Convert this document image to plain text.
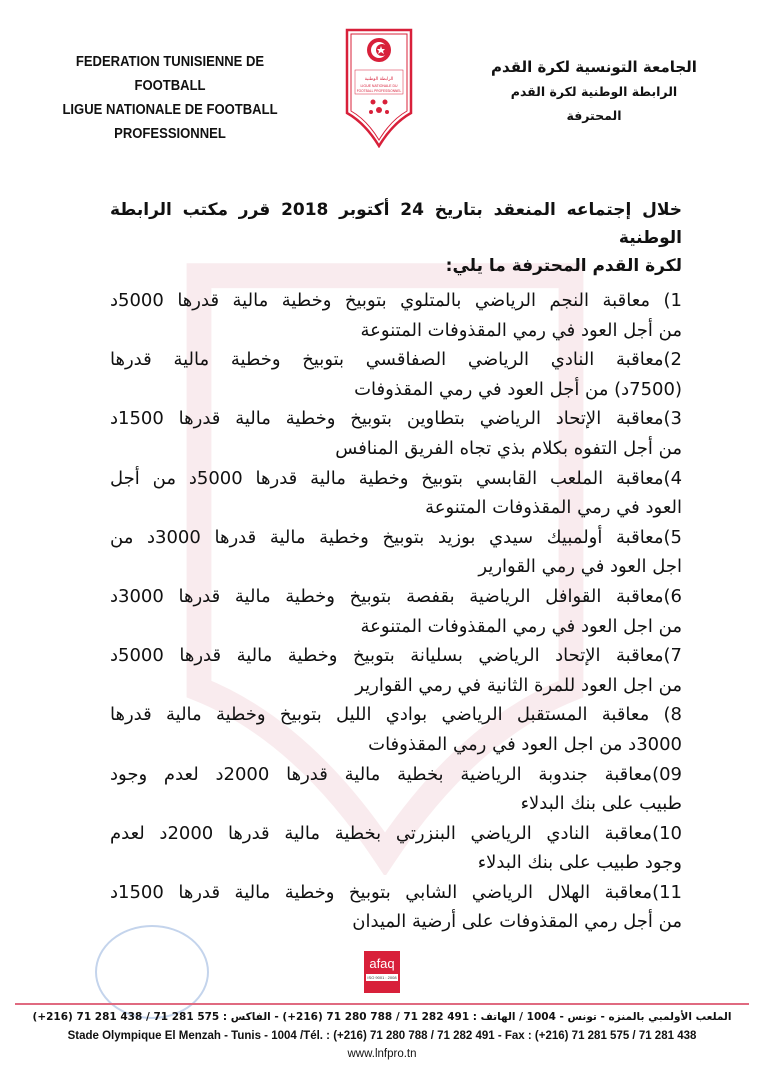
FEDERATION TUNISIENNE DE FOOTBALL
LIGUE NATIONALE DE FOOTBALL
PROFESSIONNEL
الرابطة الوطنية
LIGUE NATIONALE DU
FOOTBALL PROFESSIONNEL
الجامعة التونسية لكرة القدم
الرابطة الوطنية لكرة القدم
المحترفة
خلال إجتماعه المنعقد بتاريخ 24 أكتوبر 2018 قرر مكتب الرابطة الوطنية
لكرة القدم المحترفة ما يلي:
1) معاقبة النجم الرياضي بالمتلوي بتوبيخ وخطية مالية قدرها 5000د
من أجل العود في رمي المقذوفات المتنوعة
2)معاقبة النادي الرياضي الصفاقسي بتوبيخ وخطية مالية قدرها
(7500د) من أجل العود في رمي المقذوفات
3)معاقبة الإتحاد الرياضي بتطاوين بتوبيخ وخطية مالية قدرها 1500د
من أجل التفوه بكلام بذي تجاه الفريق المنافس
4)معاقبة الملعب القابسي بتوبيخ وخطية مالية قدرها 5000د من أجل
العود في رمي المقذوفات المتنوعة
5)معاقبة أولمبيك سيدي بوزيد بتوبيخ وخطية مالية قدرها 3000د من
اجل العود في رمي القوارير
6)معاقبة القوافل الرياضية بقفصة بتوبيخ وخطية مالية قدرها 3000د
من اجل العود في رمي المقذوفات المتنوعة
7)معاقبة الإتحاد الرياضي بسليانة بتوبيخ وخطية مالية قدرها 5000د
من اجل العود للمرة الثانية في رمي القوارير
8) معاقبة المستقبل الرياضي بوادي الليل بتوبيخ وخطية مالية قدرها
3000د من اجل العود في رمي المقذوفات
09)معاقبة جندوبة الرياضية بخطية مالية قدرها 2000د لعدم وجود
طبيب على بنك البدلاء
10)معاقبة النادي الرياضي البنزرتي بخطية مالية قدرها 2000د لعدم
وجود طبيب على بنك البدلاء
11)معاقبة الهلال الرياضي الشابي بتوبيخ وخطية مالية قدرها 1500د
من أجل رمي المقذوفات على أرضية الميدان
afaq
ISO 9001 : 2008
الملعب الأولمبي بالمنزه - تونس - 1004 / الهاتف : 491 282 71 / 788 280 71 (216+) - الفاكس : 575 281 71 / 438 281 71 (216+)
Stade Olympique El Menzah - Tunis - 1004 /Tél. : (+216) 71 280 788 / 71 282 491 - Fax : (+216) 71 281 575 / 71 281 438
www.lnfpro.tn
